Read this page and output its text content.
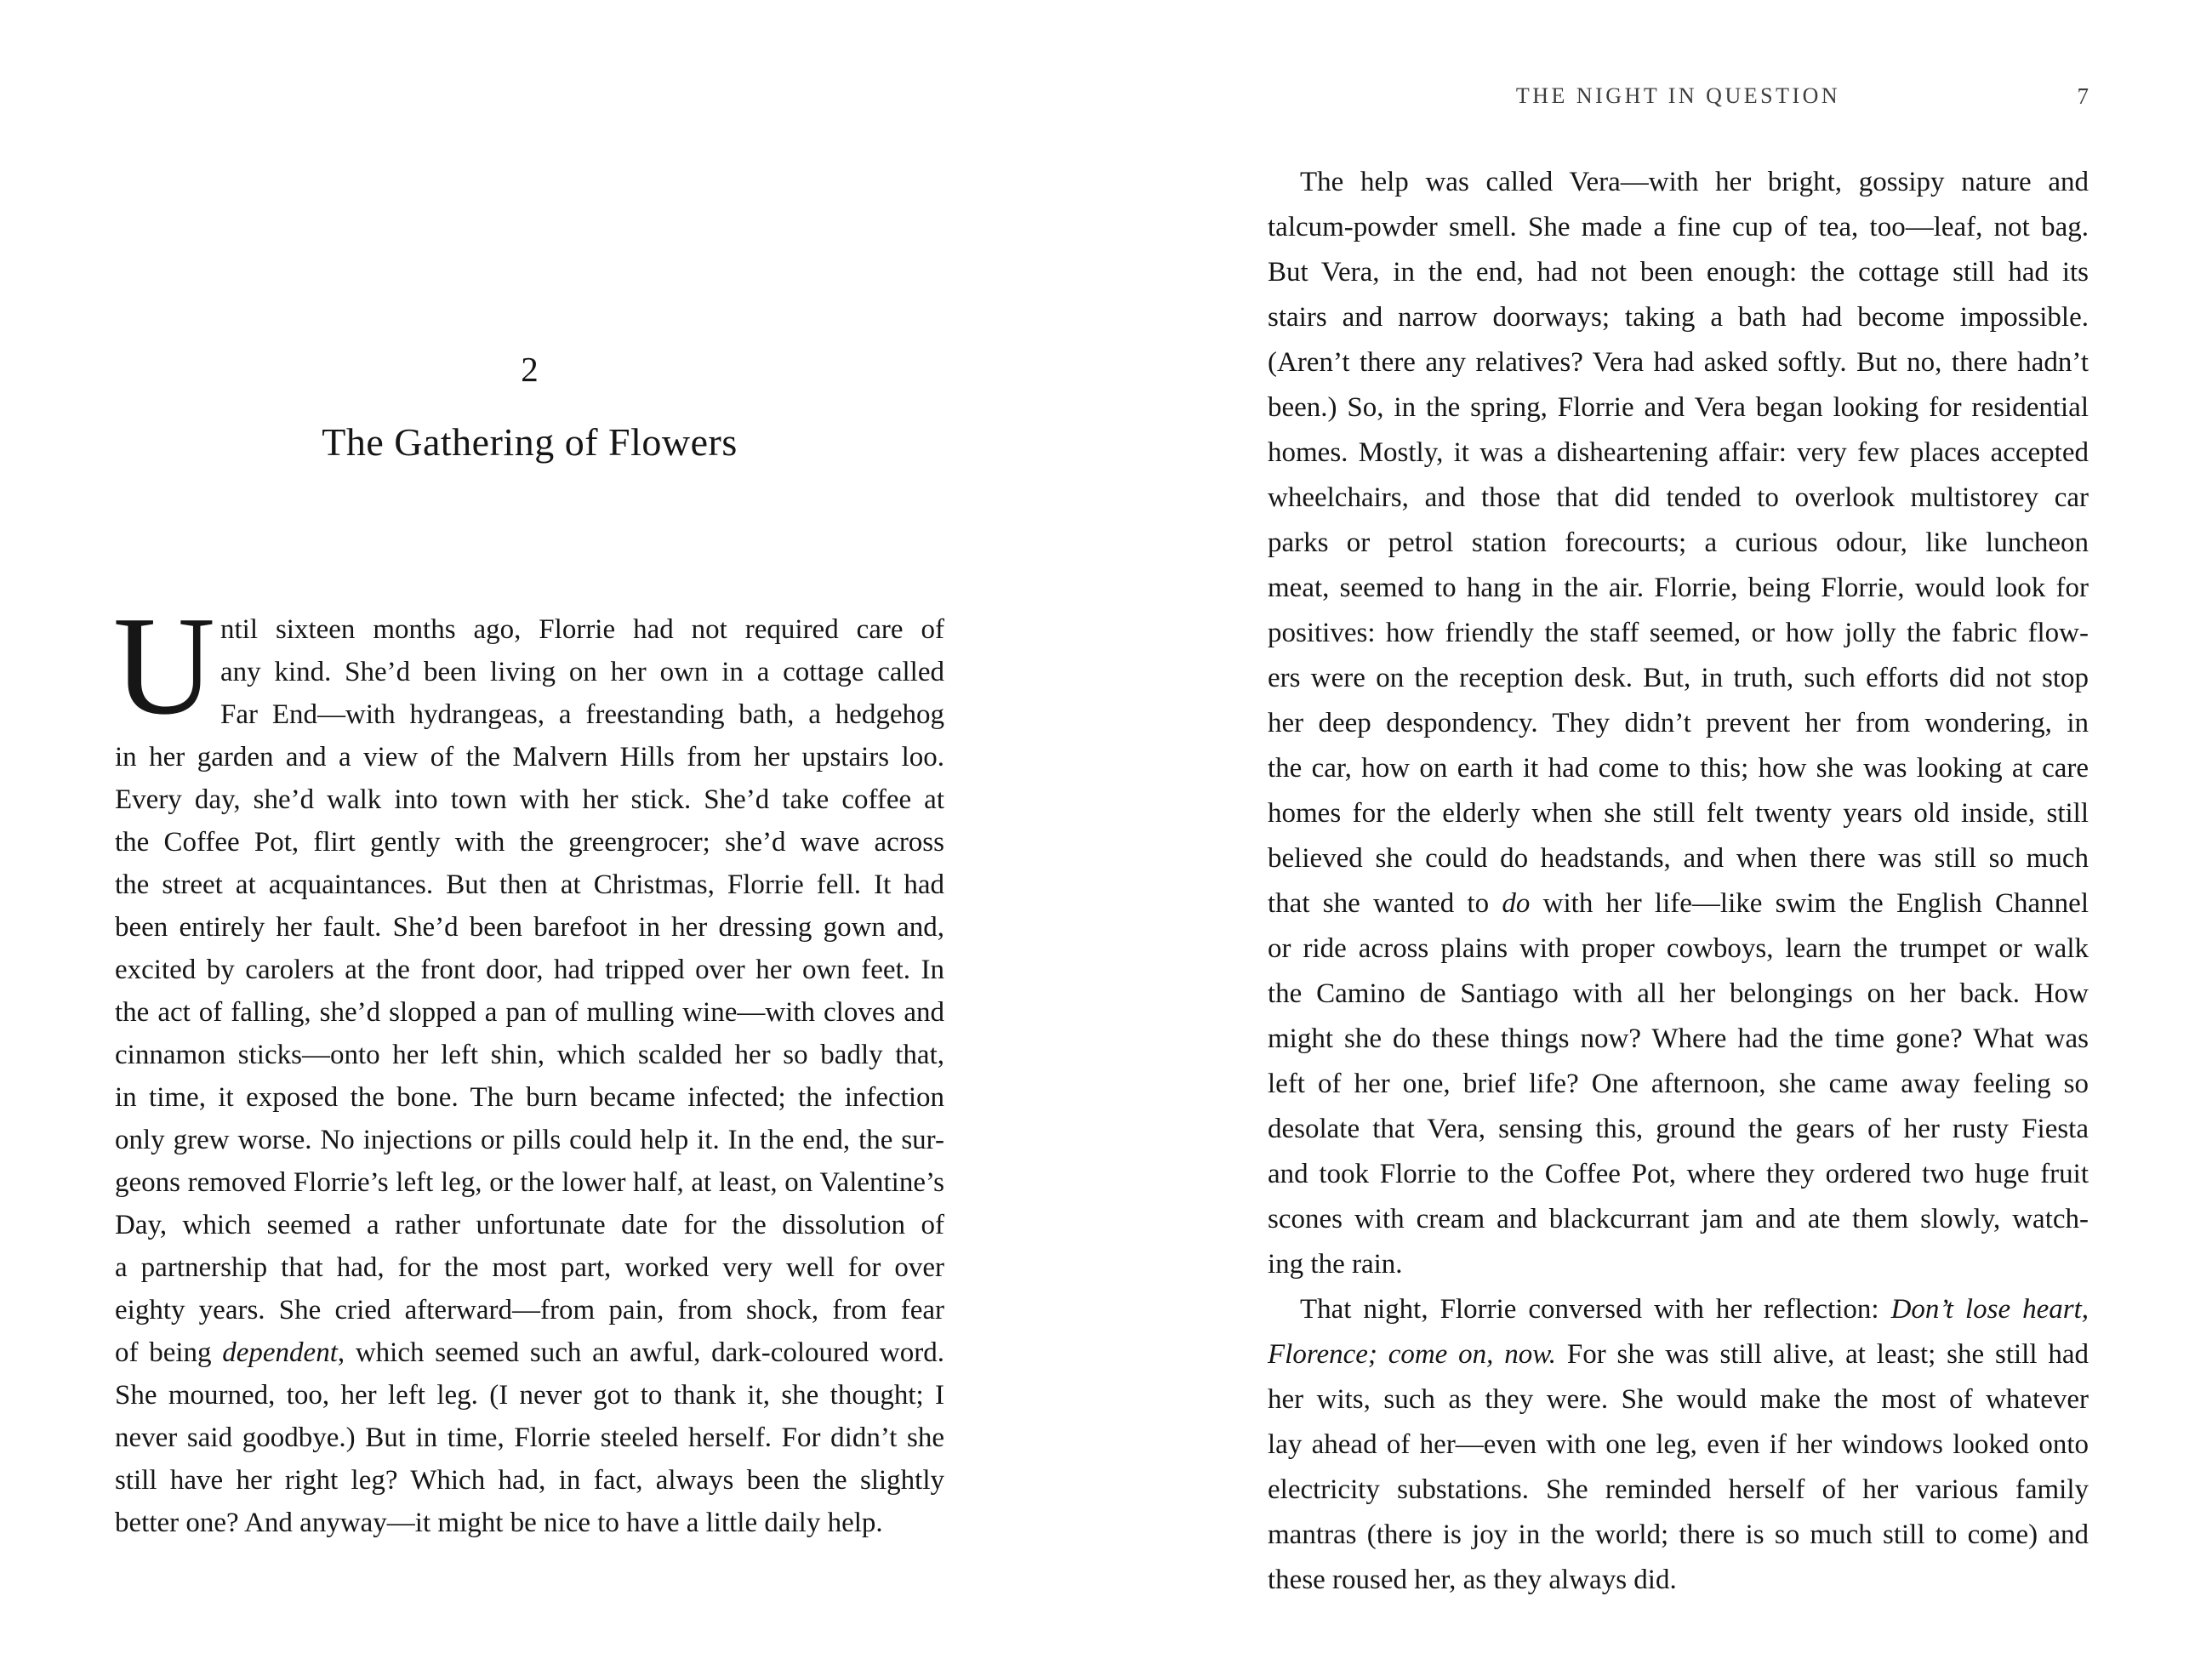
2
The Gathering of Flowers
U ntil sixteen months ago, Florrie had not required care of
any kind. She’d been living on her own in a cottage called
Far End—with hydrangeas, a freestanding bath, a hedgehog
in her garden and a view of the Malvern Hills from her upstairs loo.
Every day, she’d walk into town with her stick. She’d take coffee at
the Coffee Pot, flirt gently with the greengrocer; she’d wave across
the street at acquaintances. But then at Christmas, Florrie fell. It had
been entirely her fault. She’d been barefoot in her dressing gown and,
excited by carolers at the front door, had tripped over her own feet. In
the act of falling, she’d slopped a pan of mulling wine—with cloves and
cinnamon sticks—onto her left shin, which scalded her so badly that,
in time, it exposed the bone. The burn became infected; the infection
only grew worse. No injections or pills could help it. In the end, the sur-
geons removed Florrie’s left leg, or the lower half, at least, on Valentine’s
Day, which seemed a rather unfortunate date for the dissolution of
a partnership that had, for the most part, worked very well for over
eighty years. She cried afterward—from pain, from shock, from fear
of being dependent, which seemed such an awful, dark-coloured word.
She mourned, too, her left leg. (I never got to thank it, she thought; I
never said goodbye.) But in time, Florrie steeled herself. For didn’t she
still have her right leg? Which had, in fact, always been the slightly
better one? And anyway—it might be nice to have a little daily help.
THE NIGHT IN QUESTION	7
The help was called Vera—with her bright, gossipy nature and
talcum-powder smell. She made a fine cup of tea, too—leaf, not bag.
But Vera, in the end, had not been enough: the cottage still had its
stairs and narrow doorways; taking a bath had become impossible.
(Aren’t there any relatives? Vera had asked softly. But no, there hadn’t
been.) So, in the spring, Florrie and Vera began looking for residential
homes. Mostly, it was a disheartening affair: very few places accepted
wheelchairs, and those that did tended to overlook multistorey car
parks or petrol station forecourts; a curious odour, like luncheon
meat, seemed to hang in the air. Florrie, being Florrie, would look for
positives: how friendly the staff seemed, or how jolly the fabric flow-
ers were on the reception desk. But, in truth, such efforts did not stop
her deep despondency. They didn’t prevent her from wondering, in
the car, how on earth it had come to this; how she was looking at care
homes for the elderly when she still felt twenty years old inside, still
believed she could do headstands, and when there was still so much
that she wanted to do with her life—like swim the English Channel
or ride across plains with proper cowboys, learn the trumpet or walk
the Camino de Santiago with all her belongings on her back. How
might she do these things now? Where had the time gone? What was
left of her one, brief life? One afternoon, she came away feeling so
desolate that Vera, sensing this, ground the gears of her rusty Fiesta
and took Florrie to the Coffee Pot, where they ordered two huge fruit
scones with cream and blackcurrant jam and ate them slowly, watch-
ing the rain.
That night, Florrie conversed with her reflection: Don’t lose heart,
Florence; come on, now. For she was still alive, at least; she still had
her wits, such as they were. She would make the most of whatever
lay ahead of her—even with one leg, even if her windows looked onto
electricity substations. She reminded herself of her various family
mantras (there is joy in the world; there is so much still to come) and
these roused her, as they always did.
